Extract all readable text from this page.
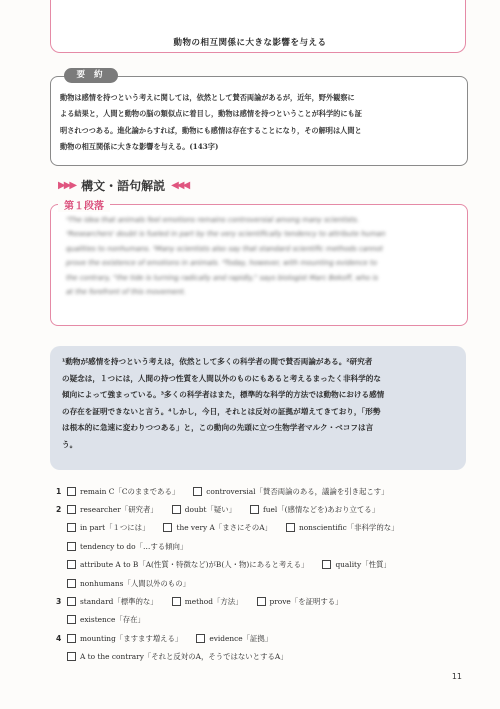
動物の相互関係に大きな影響を与える
要 約
動物は感情を持つという考えに関しては，依然として賛否両論があるが，近年，野外観察に
よる結果と，人間と動物の脳の類似点に着目し，動物は感情を持つということが科学的にも証
明されつつある。進化論からすれば，動物にも感情は存在することになり，その解明は人間と
動物の相互関係に大きな影響を与える。(143字)
▶▶▶ 構文・語句解説 ◀◀◀
第１段落
¹The idea that animals feel emotions remains controversial among many scientists.
²Researchers' doubt is fueled in part by the very scientifically tendency to attribute human
qualities to nonhumans. ³Many scientists also say that standard scientific methods cannot
prove the existence of emotions in animals. ⁴Today, however, with mounting evidence to
the contrary, "the tide is turning radically and rapidly," says biologist Marc Bekoff, who is
at the forefront of this movement.
¹動物が感情を持つという考えは，依然として多くの科学者の間で賛否両論がある。²研究者
の疑念は，１つには，人間の持つ性質を人間以外のものにもあると考えるまったく非科学的な
傾向によって強まっている。³多くの科学者はまた，標準的な科学的方法では動物における感情
の存在を証明できないと言う。⁴しかし，今日，それとは反対の証拠が増えてきており，「形勢
は根本的に急速に変わりつつある」と，この動向の先頭に立つ生物学者マルク・ベコフは言
う。
1	remain C「Cのままである」	controversial「賛否両論のある，議論を引き起こす」
2	researcher「研究者」	doubt「疑い」	fuel「(感情などを)あおり立てる」
in part「１つには」	the very A「まさにそのA」	nonscientific「非科学的な」
tendency to do「…する傾向」
attribute A to B「A(性質・特徴など)がB(人・物)にあると考える」	quality「性質」
nonhumans「人間以外のもの」
3	standard「標準的な」	method「方法」	prove「を証明する」
existence「存在」
4	mounting「ますます増える」	evidence「証拠」
A to the contrary「それと反対のA，そうではないとするA」
11
